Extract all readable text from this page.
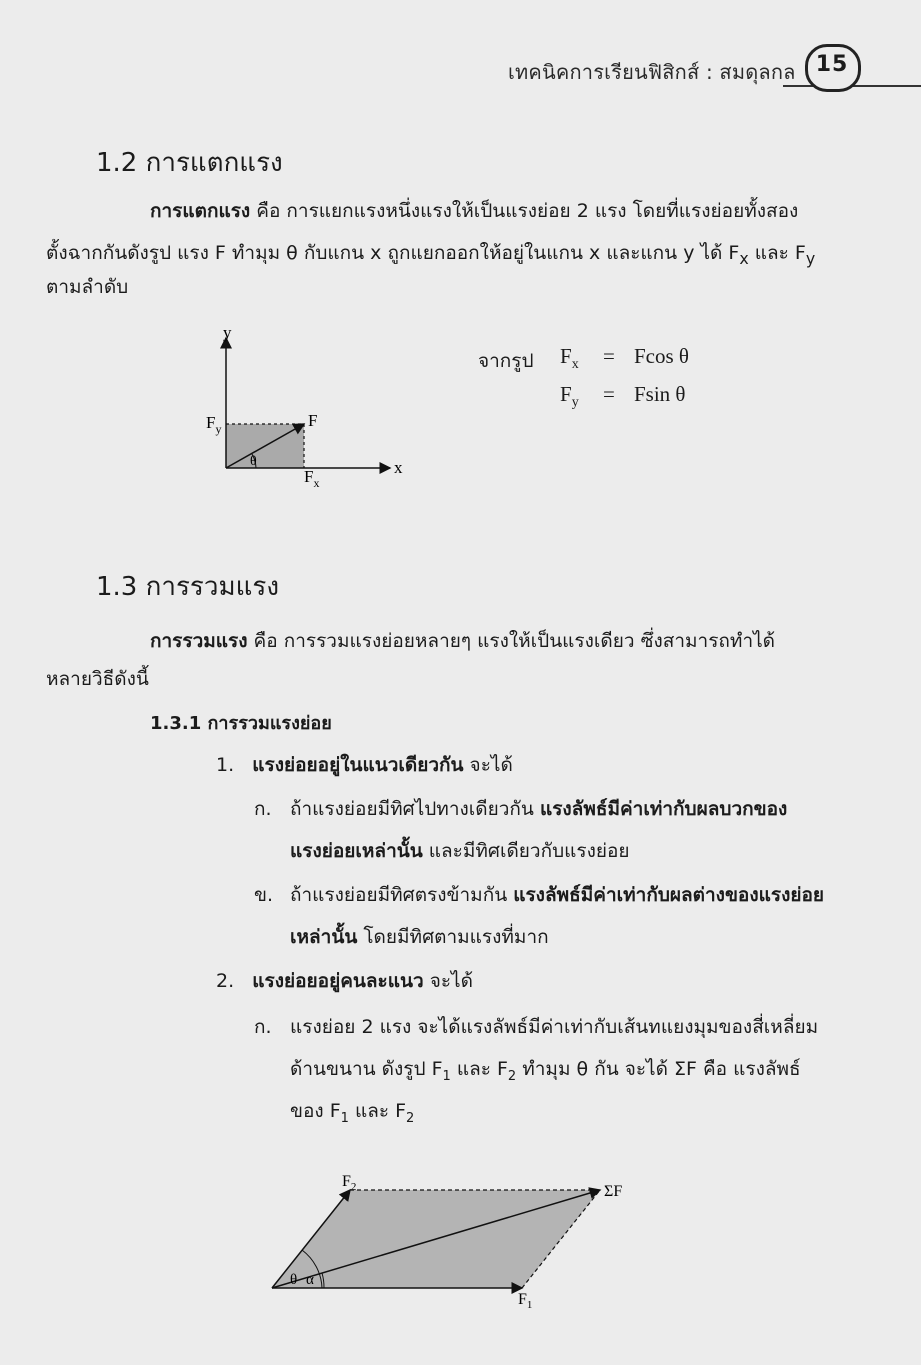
เทคนิคการเรียนฟิสิกส์ : สมดุลกล 15
1.2 การแตกแรง
การแตกแรง คือ การแยกแรงหนึ่งแรงให้เป็นแรงย่อย 2 แรง โดยที่แรงย่อยทั้งสอง
ตั้งฉากกันดังรูป แรง F ทำมุม θ กับแกน x ถูกแยกออกให้อยู่ในแกน x และแกน y ได้ $F_x$ และ $F_y$
ตามลำดับ
y
x
F
$F_y$
$F_x$
θ
จากรูป $F_x = Fcos$ θ
$F_y = Fsin$ θ
1.3 การรวมแรง
การรวมแรง คือ การรวมแรงย่อยหลายๆ แรงให้เป็นแรงเดียว ซึ่งสามารถทำได้
หลายวิธีดังนี้
1.3.1 การรวมแรงย่อย
1. แรงย่อยอยู่ในแนวเดียวกัน จะได้
ก. ถ้าแรงย่อยมีทิศไปทางเดียวกัน แรงลัพธ์มีค่าเท่ากับผลบวกของ
แรงย่อยเหล่านั้น และมีทิศเดียวกับแรงย่อย
ข. ถ้าแรงย่อยมีทิศตรงข้ามกัน แรงลัพธ์มีค่าเท่ากับผลต่างของแรงย่อย
เหล่านั้น โดยมีทิศตามแรงที่มาก
2. แรงย่อยอยู่คนละแนว จะได้
ก. แรงย่อย 2 แรง จะได้แรงลัพธ์มีค่าเท่ากับเส้นทแยงมุมของสี่เหลี่ยม
ด้านขนาน ดังรูป $F_1$ และ $F_2$ ทำมุม θ กัน จะได้ ΣF คือ แรงลัพธ์
ของ $F_1$ และ $F_2$
$F_2$	ΣF
$F_1$
θ α
